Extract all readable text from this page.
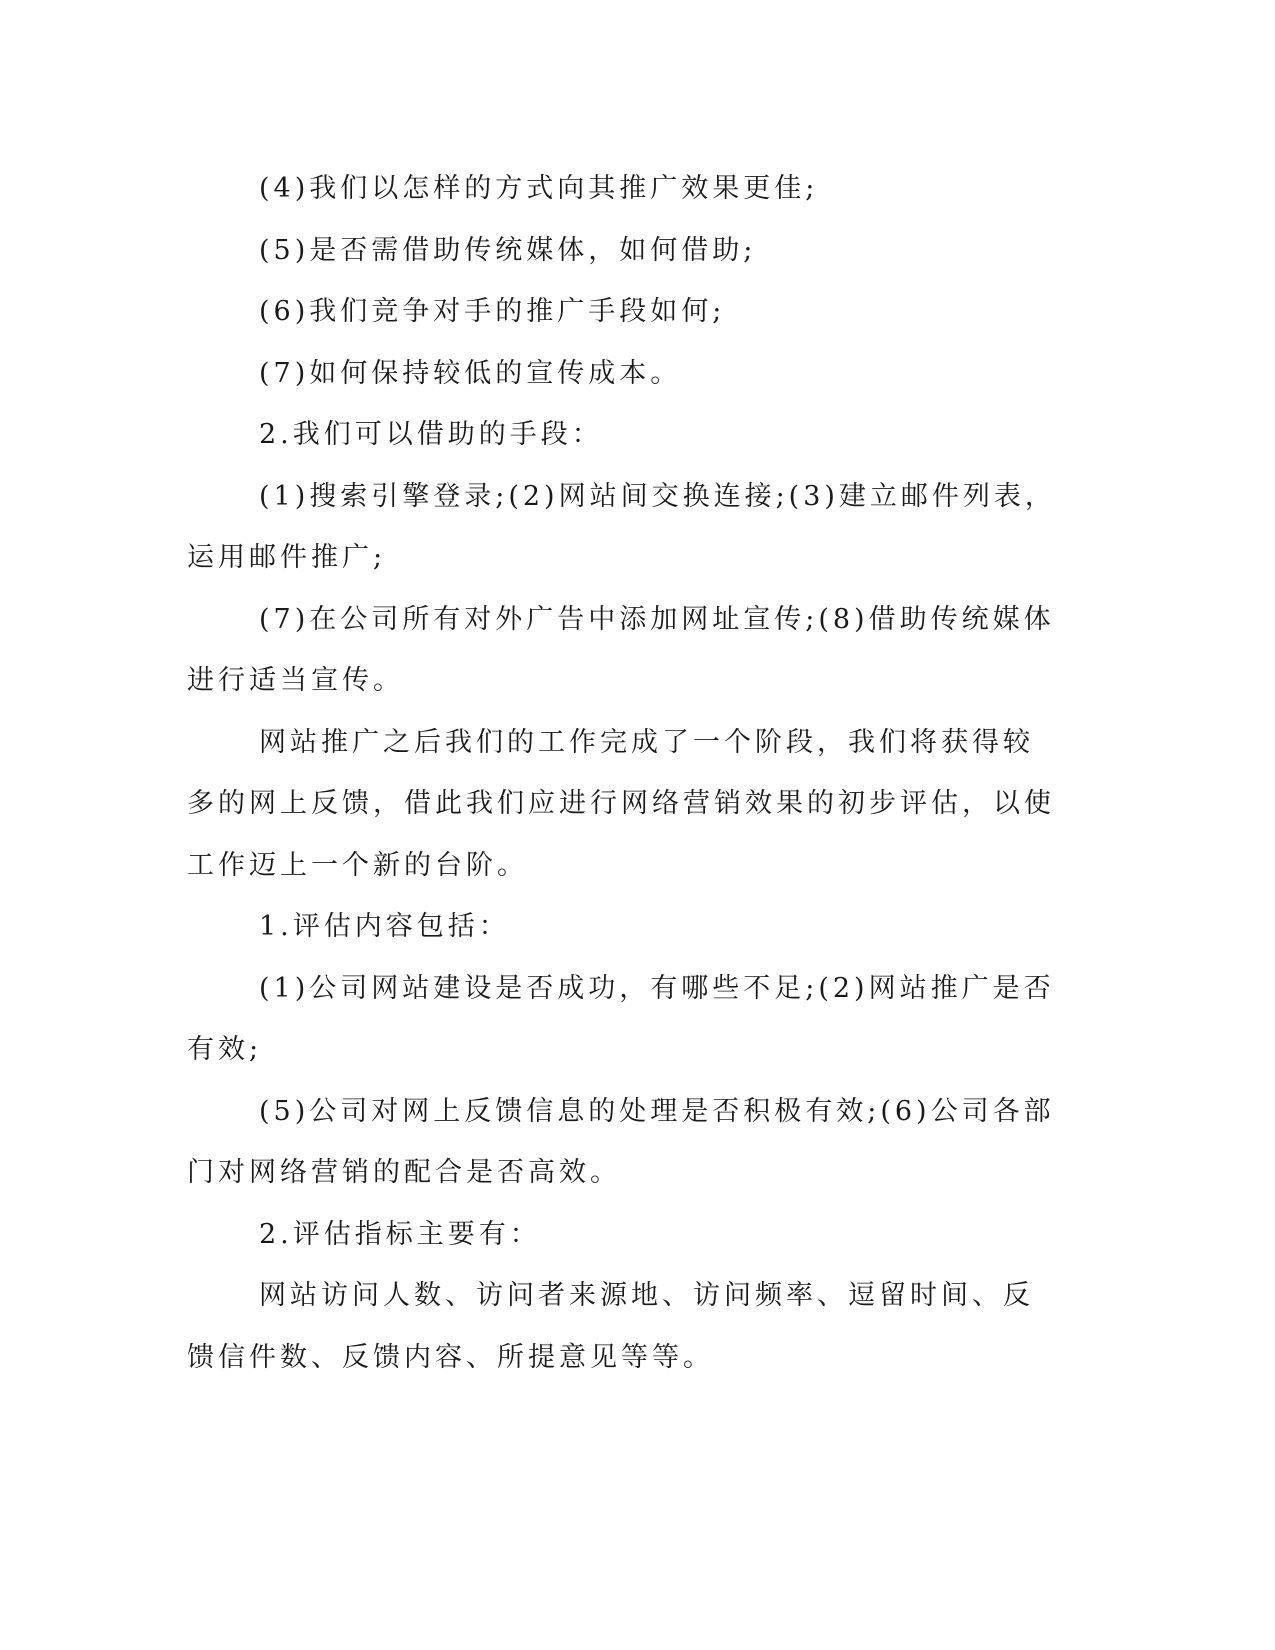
(4)我们以怎样的方式向其推广效果更佳;

(5)是否需借助传统媒体，如何借助;

(6)我们竞争对手的推广手段如何;

(7)如何保持较低的宣传成本。

2.我们可以借助的手段：

(1)搜索引擎登录;(2)网站间交换连接;(3)建立邮件列表，运用邮件推广;

(7)在公司所有对外广告中添加网址宣传;(8)借助传统媒体进行适当宣传。

网站推广之后我们的工作完成了一个阶段，我们将获得较多的网上反馈，借此我们应进行网络营销效果的初步评估，以使工作迈上一个新的台阶。

1.评估内容包括：

(1)公司网站建设是否成功，有哪些不足;(2)网站推广是否有效;

(5)公司对网上反馈信息的处理是否积极有效;(6)公司各部门对网络营销的配合是否高效。

2.评估指标主要有：

网站访问人数、访问者来源地、访问频率、逗留时间、反馈信件数、反馈内容、所提意见等等。
